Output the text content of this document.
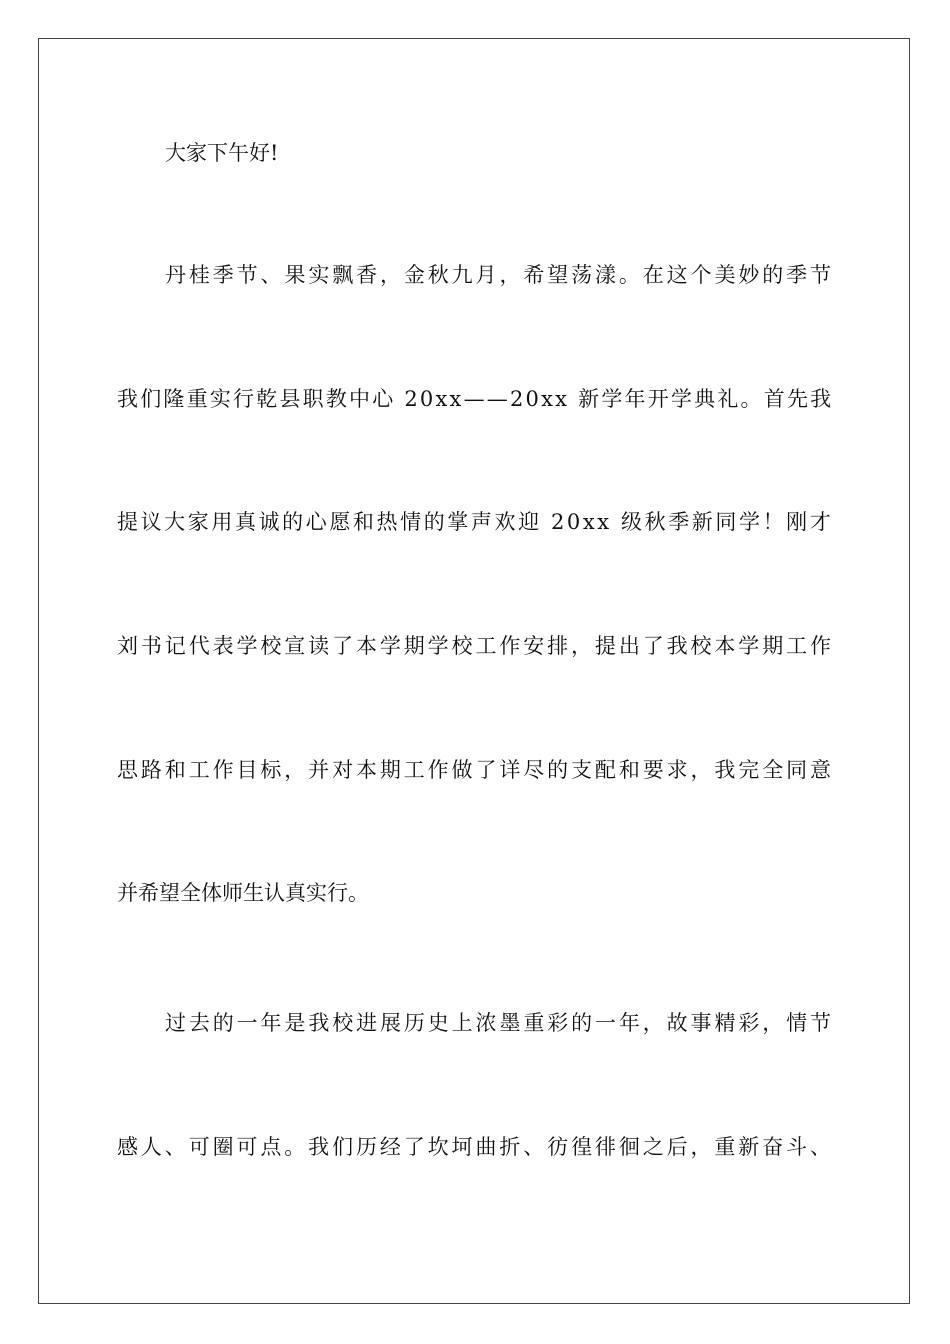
大家下午好!
丹桂季节、果实飘香，金秋九月，希望荡漾。在这个美妙的季节
我们隆重实行乾县职教中心 20xx——20xx 新学年开学典礼。首先我
提议大家用真诚的心愿和热情的掌声欢迎 20xx 级秋季新同学！刚才
刘书记代表学校宣读了本学期学校工作安排，提出了我校本学期工作
思路和工作目标，并对本期工作做了详尽的支配和要求，我完全同意
并希望全体师生认真实行。
过去的一年是我校进展历史上浓墨重彩的一年，故事精彩，情节
感人、可圈可点。我们历经了坎坷曲折、彷徨徘徊之后，重新奋斗、
